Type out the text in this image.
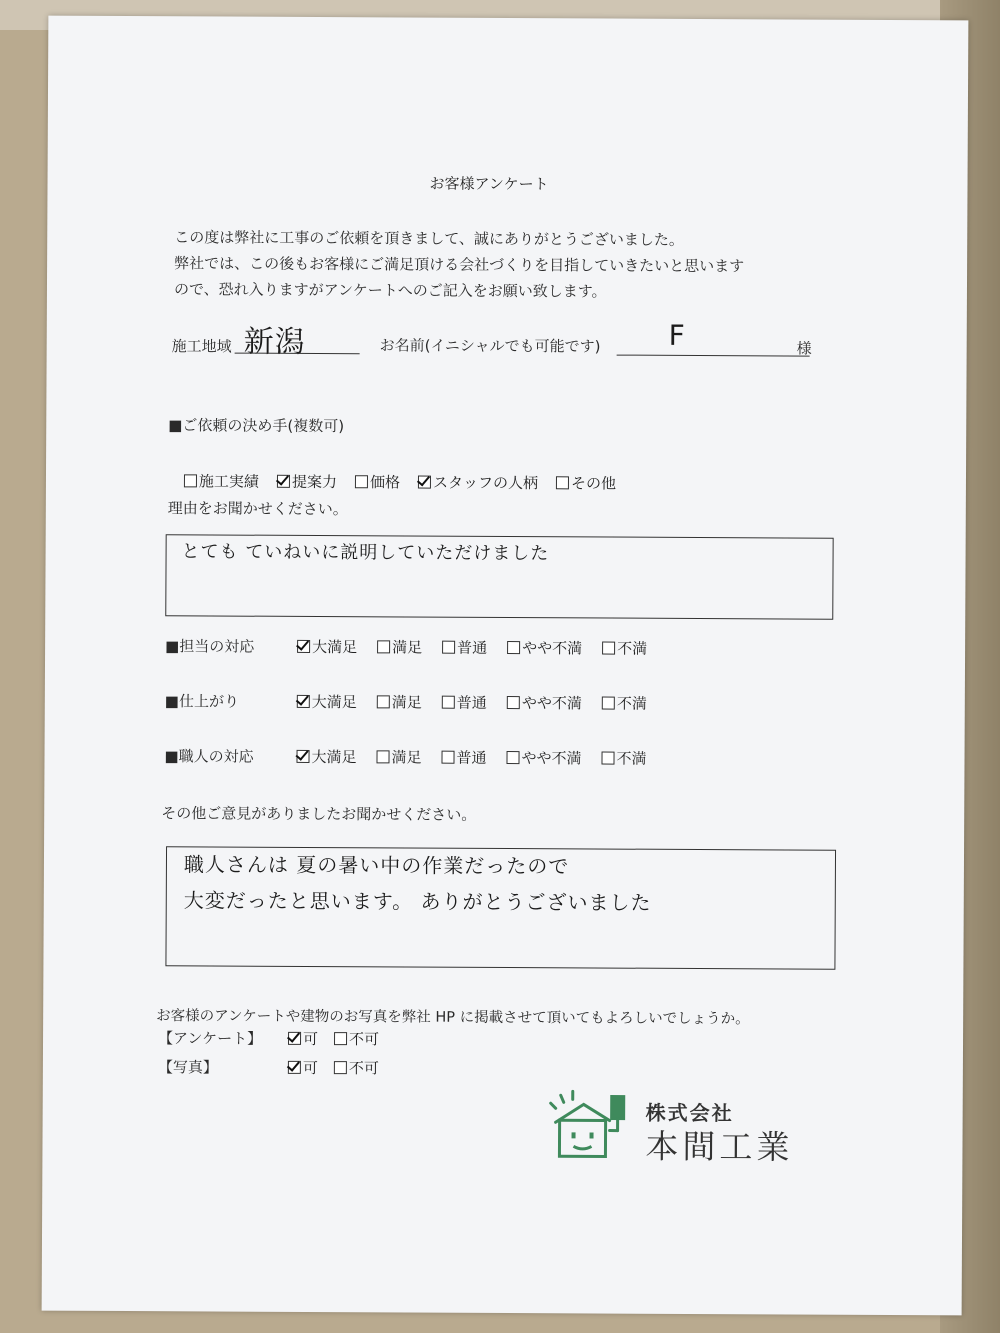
お客様アンケート
この度は弊社に工事のご依頼を頂きまして、誠にありがとうございました。
弊社では、この後もお客様にご満足頂ける会社づくりを目指していきたいと思います
ので、恐れ入りますがアンケートへのご記入をお願い致します。
施工地域 新潟	お名前(イニシャルでも可能です) F	様
■ご依頼の決め手(複数可)
施工実績 提案力 価格 スタッフの人柄 その他
理由をお聞かせください。
とても ていねいに説明していただけました
■担当の対応	大満足 満足 普通 やや不満 不満
■仕上がり	大満足 満足 普通 やや不満 不満
■職人の対応	大満足 満足 普通 やや不満 不満
その他ご意見がありましたお聞かせください。
職人さんは 夏の暑い中の作業だったので
大変だったと思います。 ありがとうございました
お客様のアンケートや建物のお写真を弊社 HP に掲載させて頂いてもよろしいでしょうか。
【アンケート】	可 不可
【写真】	可 不可
株式会社
本間工業
